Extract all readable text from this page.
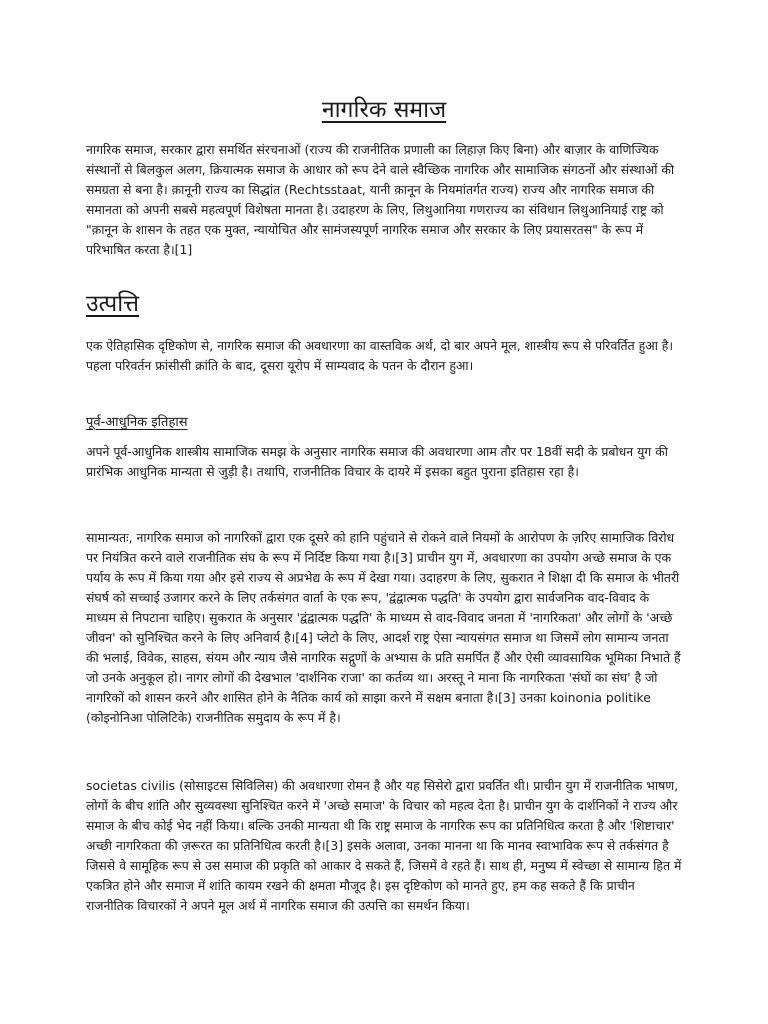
नागरिक समाज

नागरिक समाज, सरकार द्वारा समर्थित संरचनाओं (राज्य की राजनीतिक प्रणाली का लिहाज़ किए बिना) और बाज़ार के वाणिज्यिक संस्थानों से बिलकुल अलग, क्रियात्मक समाज के आधार को रूप देने वाले स्वैच्छिक नागरिक और सामाजिक संगठनों और संस्थाओं की समग्रता से बना है। क़ानूनी राज्य का सिद्धांत (Rechtsstaat, यानी क़ानून के नियमांतर्गत राज्य) राज्य और नागरिक समाज की समानता को अपनी सबसे महत्वपूर्ण विशेषता मानता है। उदाहरण के लिए, लिथुआनिया गणराज्य का संविधान लिथुआनियाई राष्ट्र को "क़ानून के शासन के तहत एक मुक्त, न्यायोचित और सामंजस्यपूर्ण नागरिक समाज और सरकार के लिए प्रयासरतस" के रूप में परिभाषित करता है।[1]

उत्पत्ति

एक ऐतिहासिक दृष्टिकोण से, नागरिक समाज की अवधारणा का वास्तविक अर्थ, दो बार अपने मूल, शास्त्रीय रूप से परिवर्तित हुआ है। पहला परिवर्तन फ्रांसीसी क्रांति के बाद, दूसरा यूरोप में साम्यवाद के पतन के दौरान हुआ।

पूर्व-आधुनिक इतिहास

अपने पूर्व-आधुनिक शास्त्रीय सामाजिक समझ के अनुसार नागरिक समाज की अवधारणा आम तौर पर 18वीं सदी के प्रबोधन युग की प्रारंभिक आधुनिक मान्यता से जुड़ी है। तथापि, राजनीतिक विचार के दायरे में इसका बहुत पुराना इतिहास रहा है।

सामान्यतः, नागरिक समाज को नागरिकों द्वारा एक दूसरे को हानि पहुंचाने से रोकने वाले नियमों के आरोपण के ज़रिए सामाजिक विरोध पर नियंत्रित करने वाले राजनीतिक संघ के रूप में निर्दिष्ट किया गया है।[3] प्राचीन युग में, अवधारणा का उपयोग अच्छे समाज के एक पर्याय के रूप में किया गया और इसे राज्य से अप्रभेद्य के रूप में देखा गया। उदाहरण के लिए, सुकरात ने शिक्षा दी कि समाज के भीतरी संघर्ष को सच्चाई उजागर करने के लिए तर्कसंगत वार्ता के एक रूप, 'द्वंद्वात्मक पद्धति' के उपयोग द्वारा सार्वजनिक वाद-विवाद के माध्यम से निपटाना चाहिए। सुकरात के अनुसार 'द्वंद्वात्मक पद्धति' के माध्यम से वाद-विवाद जनता में 'नागरिकता' और लोगों के 'अच्छे जीवन' को सुनिश्चित करने के लिए अनिवार्य है।[4] प्लेटो के लिए, आदर्श राष्ट्र ऐसा न्यायसंगत समाज था जिसमें लोग सामान्य जनता की भलाई, विवेक, साहस, संयम और न्याय जैसे नागरिक सद्गुणों के अभ्यास के प्रति समर्पित हैं और ऐसी व्यावसायिक भूमिका निभाते हैं जो उनके अनुकूल हो। नागर लोगों की देखभाल 'दार्शनिक राजा' का कर्तव्य था। अरस्तू ने माना कि नागरिकता 'संघों का संघ' है जो नागरिकों को शासन करने और शासित होने के नैतिक कार्य को साझा करने में सक्षम बनाता है।[3] उनका koinonia politike (कोइनोनिआ पोलिटिके) राजनीतिक समुदाय के रूप में है।

societas civilis (सोसाइटस सिविलिस) की अवधारणा रोमन है और यह सिसेरो द्वारा प्रवर्तित थी। प्राचीन युग में राजनीतिक भाषण, लोगों के बीच शांति और सुव्यवस्था सुनिश्चित करने में 'अच्छे समाज' के विचार को महत्व देता है। प्राचीन युग के दार्शनिकों ने राज्य और समाज के बीच कोई भेद नहीं किया। बल्कि उनकी मान्यता थी कि राष्ट्र समाज के नागरिक रूप का प्रतिनिधित्व करता है और 'शिष्टाचार' अच्छी नागरिकता की ज़रूरत का प्रतिनिधित्व करती है।[3] इसके अलावा, उनका मानना था कि मानव स्वाभाविक रूप से तर्कसंगत है जिससे वे सामूहिक रूप से उस समाज की प्रकृति को आकार दे सकते हैं, जिसमें वे रहते हैं। साथ ही, मनुष्य में स्वेच्छा से सामान्य हित में एकत्रित होने और समाज में शांति कायम रखने की क्षमता मौजूद है। इस दृष्टिकोण को मानते हुए, हम कह सकते हैं कि प्राचीन राजनीतिक विचारकों ने अपने मूल अर्थ में नागरिक समाज की उत्पत्ति का समर्थन किया।
